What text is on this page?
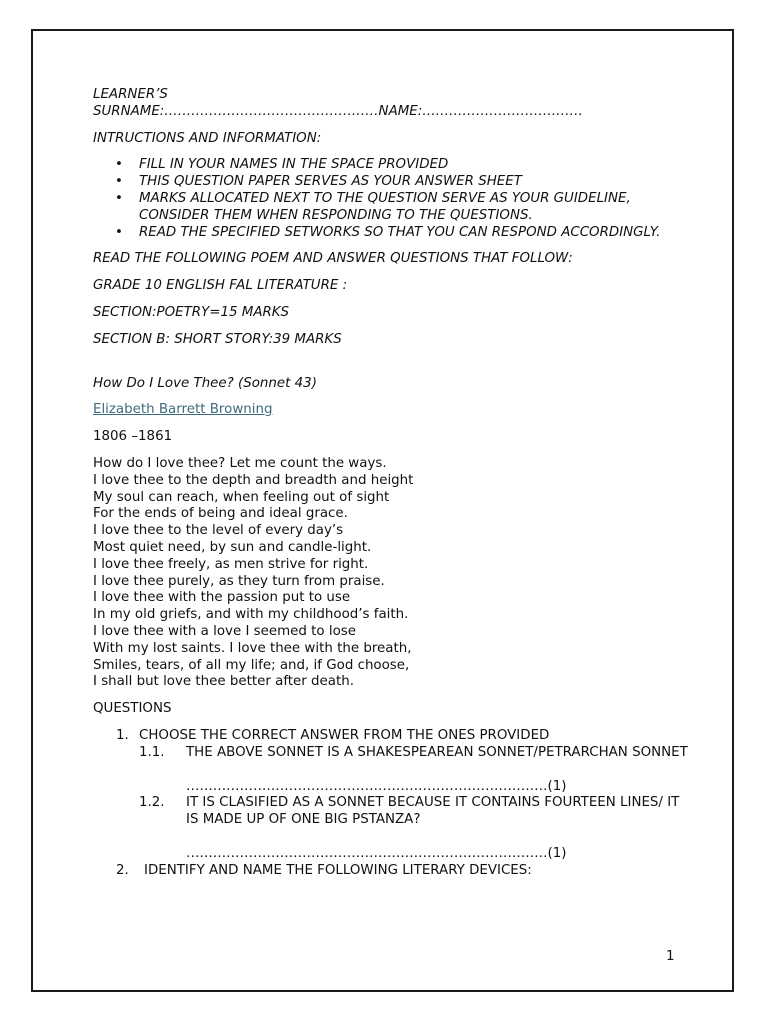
LEARNER’S

SURNAME:…………………………………………NAME:………………………………

INTRUCTIONS AND INFORMATION:

• FILL IN YOUR NAMES IN THE SPACE PROVIDED
• THIS QUESTION PAPER SERVES AS YOUR ANSWER SHEET
• MARKS ALLOCATED NEXT TO THE QUESTION SERVE AS YOUR GUIDELINE, CONSIDER THEM WHEN RESPONDING TO THE QUESTIONS.
• READ THE SPECIFIED SETWORKS SO THAT YOU CAN RESPOND ACCORDINGLY.

READ THE FOLLOWING POEM AND ANSWER QUESTIONS THAT FOLLOW:

GRADE 10 ENGLISH FAL LITERATURE :

SECTION:POETRY=15 MARKS

SECTION B: SHORT STORY:39 MARKS

How Do I Love Thee? (Sonnet 43)

Elizabeth Barrett Browning

1806 –1861

How do I love thee? Let me count the ways.

I love thee to the depth and breadth and height

My soul can reach, when feeling out of sight

For the ends of being and ideal grace.

I love thee to the level of every day’s

Most quiet need, by sun and candle-light.

I love thee freely, as men strive for right.

I love thee purely, as they turn from praise.

I love thee with the passion put to use

In my old griefs, and with my childhood’s faith.

I love thee with a love I seemed to lose

With my lost saints. I love thee with the breath,

Smiles, tears, of all my life; and, if God choose,

I shall but love thee better after death.

QUESTIONS

1. CHOOSE THE CORRECT ANSWER FROM THE ONES PROVIDED
1.1. THE ABOVE SONNET IS A SHAKESPEAREAN SONNET/PETRARCHAN SONNET

………………………………………………………………………(1)

1.2. IT IS CLASIFIED AS A SONNET BECAUSE IT CONTAINS FOURTEEN LINES/ IT IS MADE UP OF ONE BIG PSTANZA?

………………………………………………………………………(1)

2. IDENTIFY AND NAME THE FOLLOWING LITERARY DEVICES:
1
